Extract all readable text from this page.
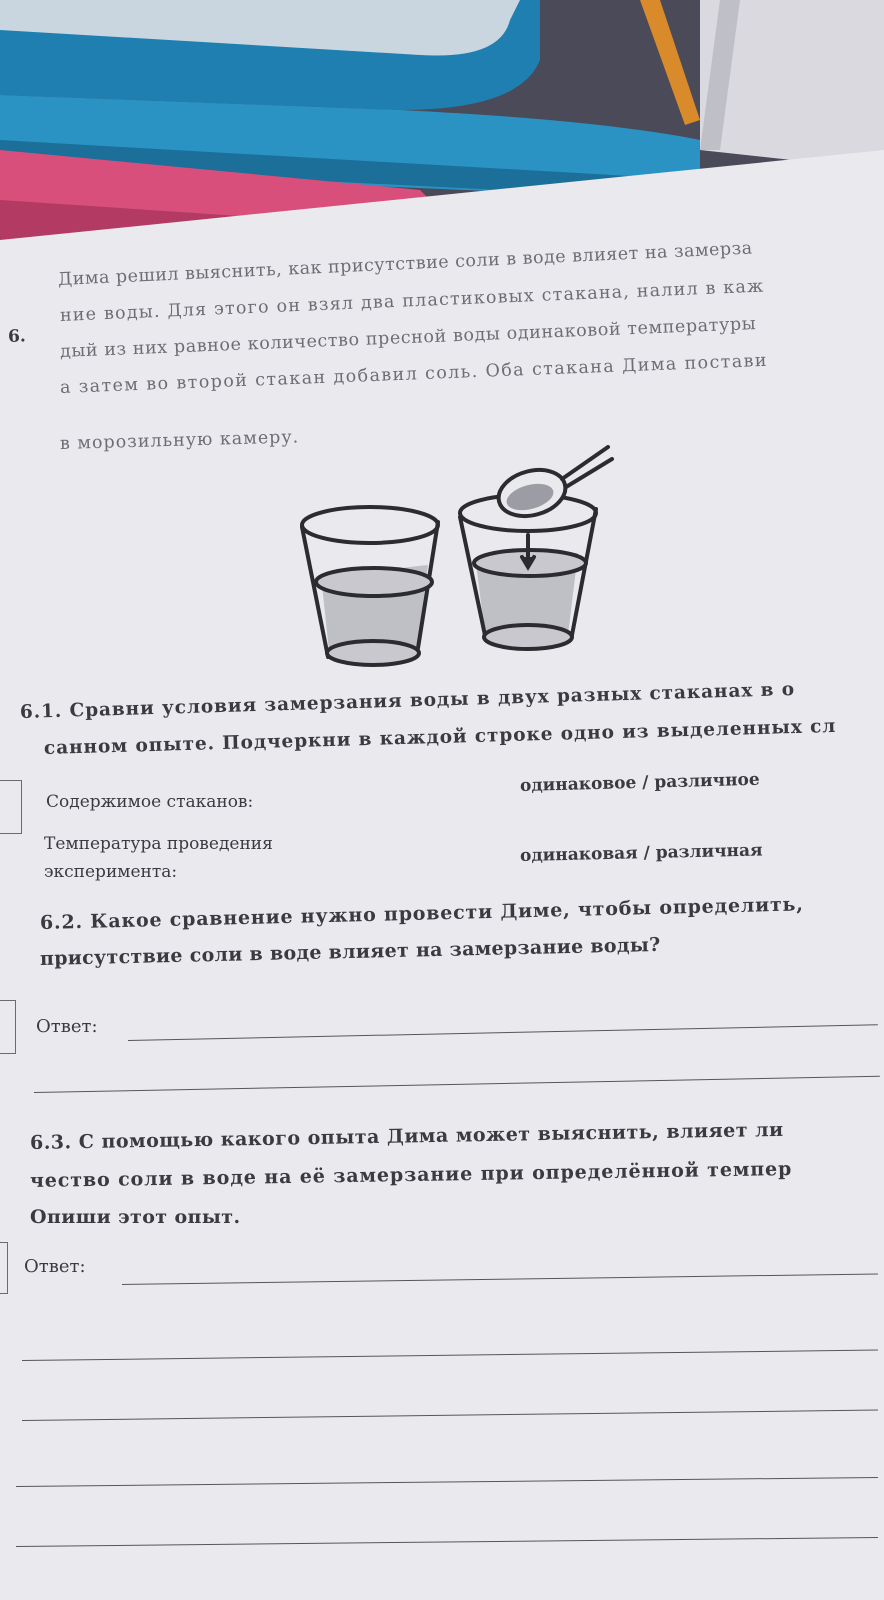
6.
Дима решил выяснить, как присутствие соли в воде влияет на замерза
ние воды. Для этого он взял два пластиковых стакана, налил в каж
дый из них равное количество пресной воды одинаковой температуры
а затем во второй стакан добавил соль. Оба стакана Дима постави
в морозильную камеру.
6.1. Сравни условия замерзания воды в двух разных стаканах в о
санном опыте. Подчеркни в каждой строке одно из выделенных сл
Содержимое стаканов:
одинаковое / различное
Температура проведения
эксперимента:
одинаковая / различная
6.2. Какое сравнение нужно провести Диме, чтобы определить,
присутствие соли в воде влияет на замерзание воды?
Ответ:
6.3. С помощью какого опыта Дима может выяснить, влияет ли
чество соли в воде на её замерзание при определённой темпер
Опиши этот опыт.
Ответ:
